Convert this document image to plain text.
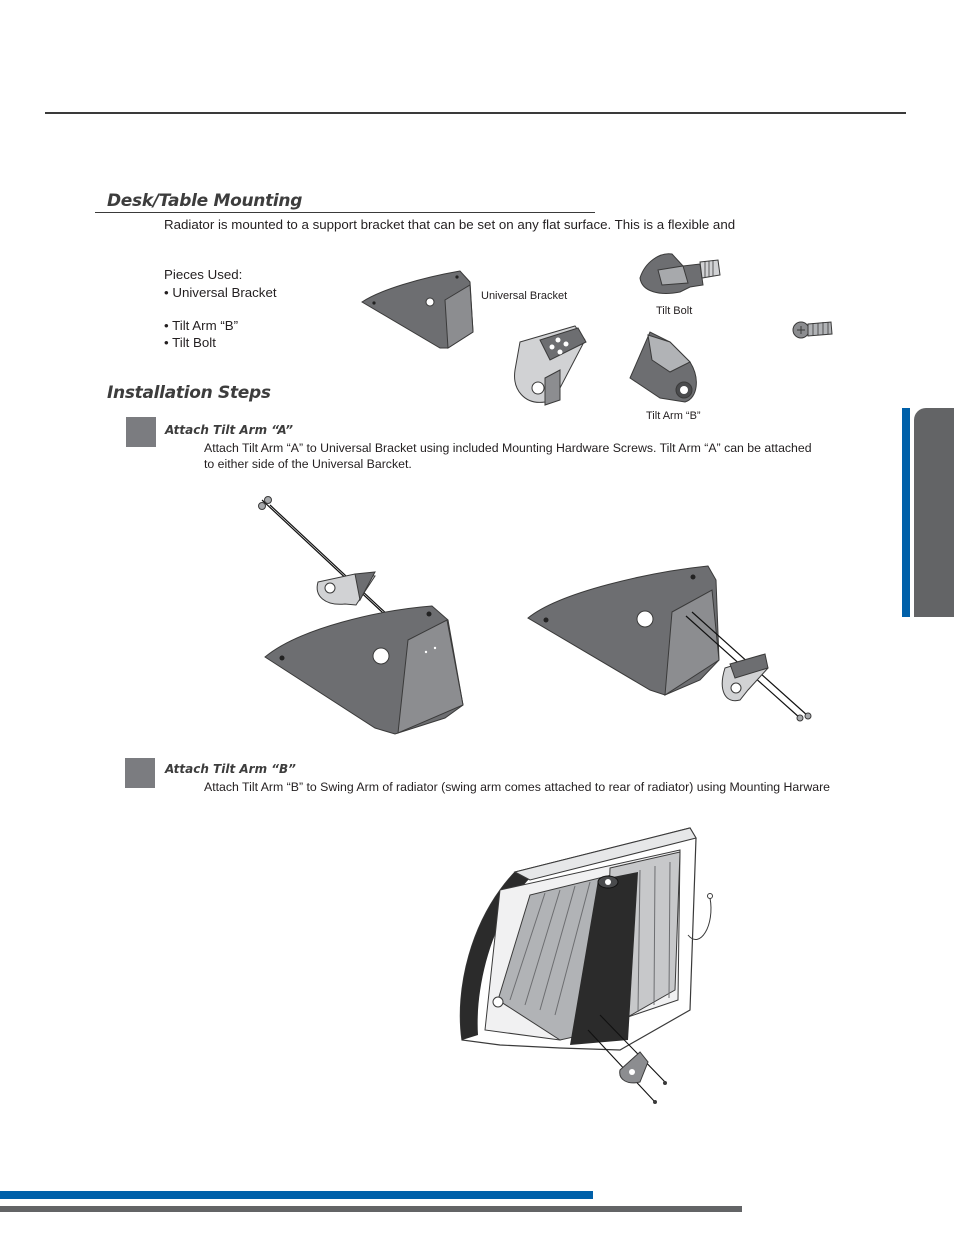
Desk/Table Mounting
Radiator is mounted to a support bracket that can be set on any flat surface. This is a flexible and
Pieces Used:
• Universal Bracket
• Tilt Arm “B”
• Tilt Bolt
Universal Bracket
Tilt Bolt
Tilt Arm “B”
Installation Steps
Attach Tilt Arm “A”
Attach Tilt Arm “A” to Universal Bracket using included Mounting Hardware Screws. Tilt Arm “A” can be attached
to either side of the Universal Barcket.
Attach Tilt Arm “B”
Attach Tilt Arm “B” to Swing Arm of radiator (swing arm comes attached to rear of radiator) using Mounting Harware
